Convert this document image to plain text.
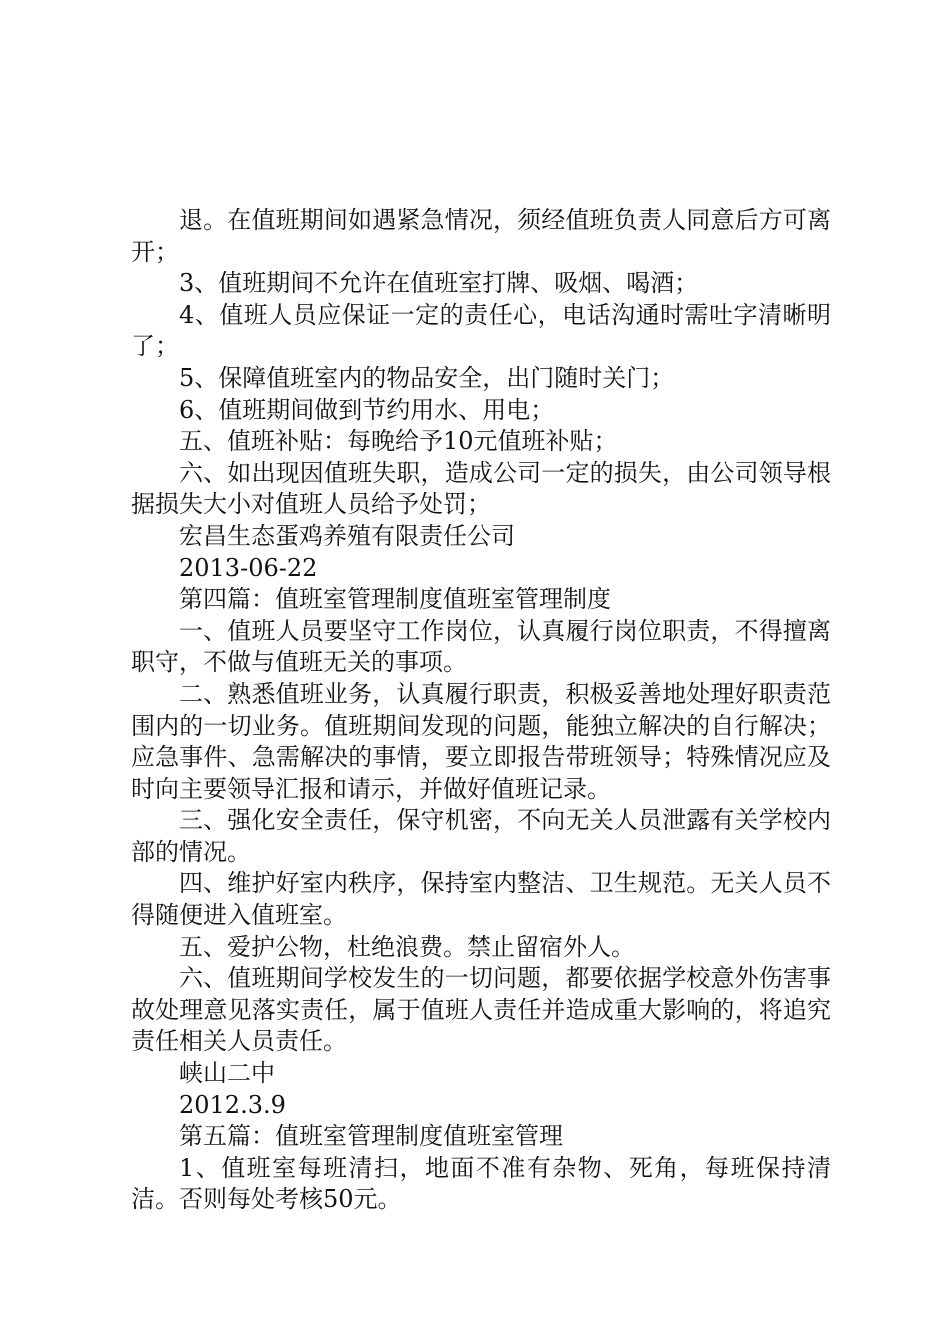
退。在值班期间如遇紧急情况，须经值班负责人同意后方可离开；

3、值班期间不允许在值班室打牌、吸烟、喝酒；

4、值班人员应保证一定的责任心，电话沟通时需吐字清晰明了；

5、保障值班室内的物品安全，出门随时关门；

6、值班期间做到节约用水、用电；

五、值班补贴：每晚给予10元值班补贴；

六、如出现因值班失职，造成公司一定的损失，由公司领导根据损失大小对值班人员给予处罚；

宏昌生态蛋鸡养殖有限责任公司

2013-06-22

第四篇：值班室管理制度值班室管理制度

一、值班人员要坚守工作岗位，认真履行岗位职责，不得擅离职守，不做与值班无关的事项。

二、熟悉值班业务，认真履行职责，积极妥善地处理好职责范围内的一切业务。值班期间发现的问题，能独立解决的自行解决；应急事件、急需解决的事情，要立即报告带班领导；特殊情况应及时向主要领导汇报和请示，并做好值班记录。

三、强化安全责任，保守机密，不向无关人员泄露有关学校内部的情况。

四、维护好室内秩序，保持室内整洁、卫生规范。无关人员不得随便进入值班室。

五、爱护公物，杜绝浪费。禁止留宿外人。

六、值班期间学校发生的一切问题，都要依据学校意外伤害事故处理意见落实责任，属于值班人责任并造成重大影响的，将追究责任相关人员责任。

峡山二中

2012.3.9

第五篇：值班室管理制度值班室管理

1、值班室每班清扫，地面不准有杂物、死角，每班保持清洁。否则每处考核50元。
